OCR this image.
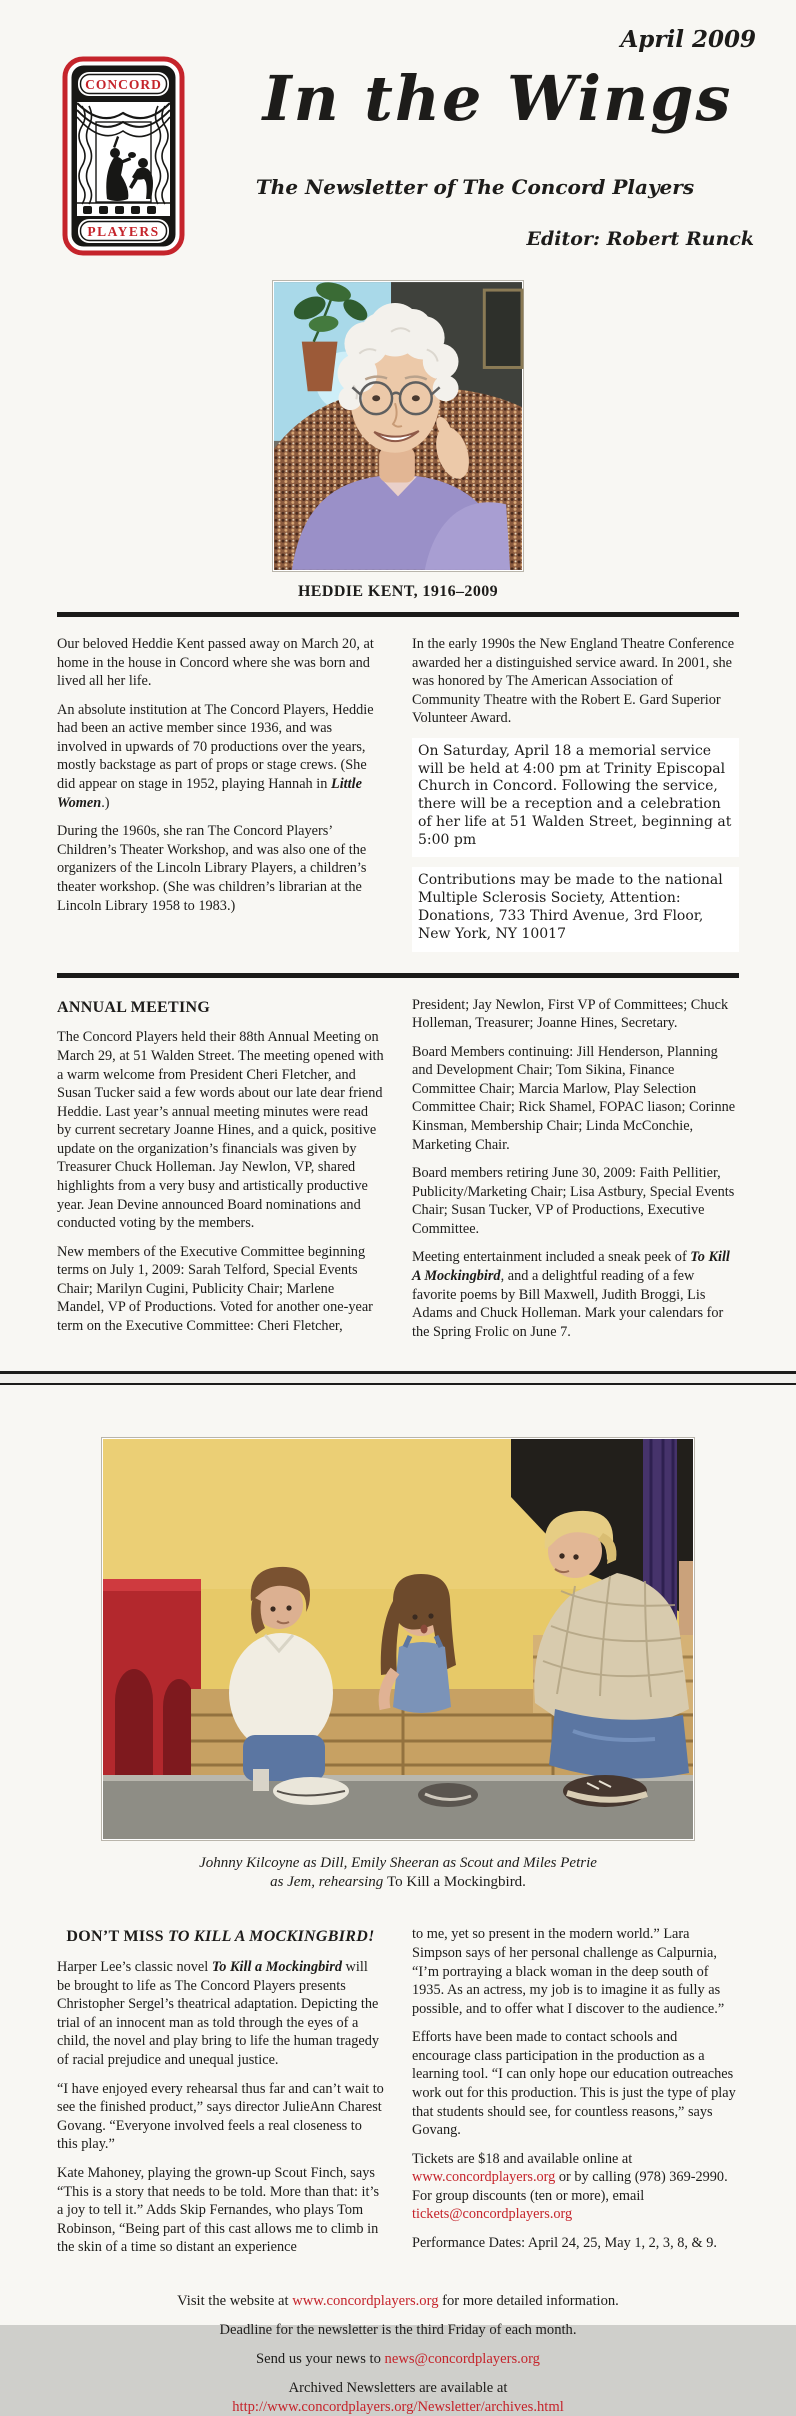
April 2009
CONCORD
PLAYERS
In the Wings
The Newsletter of The Concord Players
Editor: Robert Runck
HEDDIE KENT, 1916–2009

Our beloved Heddie Kent passed away on March 20, at home in the house in Concord where she was born and lived all her life.

An absolute institution at The Concord Players, Heddie had been an active member since 1936, and was involved in upwards of 70 productions over the years, mostly backstage as part of props or stage crews. (She did appear on stage in 1952, playing Hannah in Little Women.)

During the 1960s, she ran The Concord Players’ Children’s Theater Workshop, and was also one of the organizers of the Lincoln Library Players, a children’s theater workshop. (She was children’s librarian at the Lincoln Library 1958 to 1983.)

In the early 1990s the New England Theatre Conference awarded her a distinguished service award. In 2001, she was honored by The American Association of Community Theatre with the Robert E. Gard Superior Volunteer Award.

On Saturday, April 18 a memorial service will be held at 4:00 pm at Trinity Episcopal Church in Concord. Following the service, there will be a reception and a celebration of her life at 51 Walden Street, beginning at 5:00 pm

Contributions may be made to the national Multiple Sclerosis Society, Attention: Donations, 733 Third Avenue, 3rd Floor, New York, NY 10017

ANNUAL MEETING

The Concord Players held their 88th Annual Meeting on March 29, at 51 Walden Street. The meeting opened with a warm welcome from President Cheri Fletcher, and Susan Tucker said a few words about our late dear friend Heddie. Last year’s annual meeting minutes were read by current secretary Joanne Hines, and a quick, positive update on the organization’s financials was given by Treasurer Chuck Holleman. Jay Newlon, VP, shared highlights from a very busy and artistically productive year. Jean Devine announced Board nominations and conducted voting by the members.

New members of the Executive Committee beginning terms on July 1, 2009: Sarah Telford, Special Events Chair; Marilyn Cugini, Publicity Chair; Marlene Mandel, VP of Productions. Voted for another one-year term on the Executive Committee: Cheri Fletcher,

President; Jay Newlon, First VP of Committees; Chuck Holleman, Treasurer; Joanne Hines, Secretary.

Board Members continuing: Jill Henderson, Planning and Development Chair; Tom Sikina, Finance Committee Chair; Marcia Marlow, Play Selection Committee Chair; Rick Shamel, FOPAC liason; Corinne Kinsman, Membership Chair; Linda McConchie, Marketing Chair.

Board members retiring June 30, 2009: Faith Pellitier, Publicity/Marketing Chair; Lisa Astbury, Special Events Chair; Susan Tucker, VP of Productions, Executive Committee.

Meeting entertainment included a sneak peek of To Kill A Mockingbird, and a delightful reading of a few favorite poems by Bill Maxwell, Judith Broggi, Lis Adams and Chuck Holleman. Mark your calendars for the Spring Frolic on June 7.

Johnny Kilcoyne as Dill, Emily Sheeran as Scout and Miles Petrie

as Jem, rehearsing To Kill a Mockingbird.

DON’T MISS TO KILL A MOCKINGBIRD!

Harper Lee’s classic novel To Kill a Mockingbird will be brought to life as The Concord Players presents Christopher Sergel’s theatrical adaptation. Depicting the trial of an innocent man as told through the eyes of a child, the novel and play bring to life the human tragedy of racial prejudice and unequal justice.

“I have enjoyed every rehearsal thus far and can’t wait to see the finished product,” says director JulieAnn Charest Govang. “Everyone involved feels a real closeness to this play.”

Kate Mahoney, playing the grown-up Scout Finch, says “This is a story that needs to be told. More than that: it’s a joy to tell it.” Adds Skip Fernandes, who plays Tom Robinson, “Being part of this cast allows me to climb in the skin of a time so distant an experience

to me, yet so present in the modern world.” Lara Simpson says of her personal challenge as Calpurnia, “I’m portraying a black woman in the deep south of 1935. As an actress, my job is to imagine it as fully as possible, and to offer what I discover to the audience.”

Efforts have been made to contact schools and encourage class participation in the production as a learning tool. “I can only hope our education outreaches work out for this production. This is just the type of play that students should see, for countless reasons,” says Govang.

Tickets are $18 and available online at www.concordplayers.org or by calling (978) 369-2990. For group discounts (ten or more), email tickets@concordplayers.org

Performance Dates: April 24, 25, May 1, 2, 3, 8, & 9.

Visit the website at www.concordplayers.org for more detailed information.

Deadline for the newsletter is the third Friday of each month.

Send us your news to news@concordplayers.org

Archived Newsletters are available at

http://www.concordplayers.org/Newsletter/archives.html
